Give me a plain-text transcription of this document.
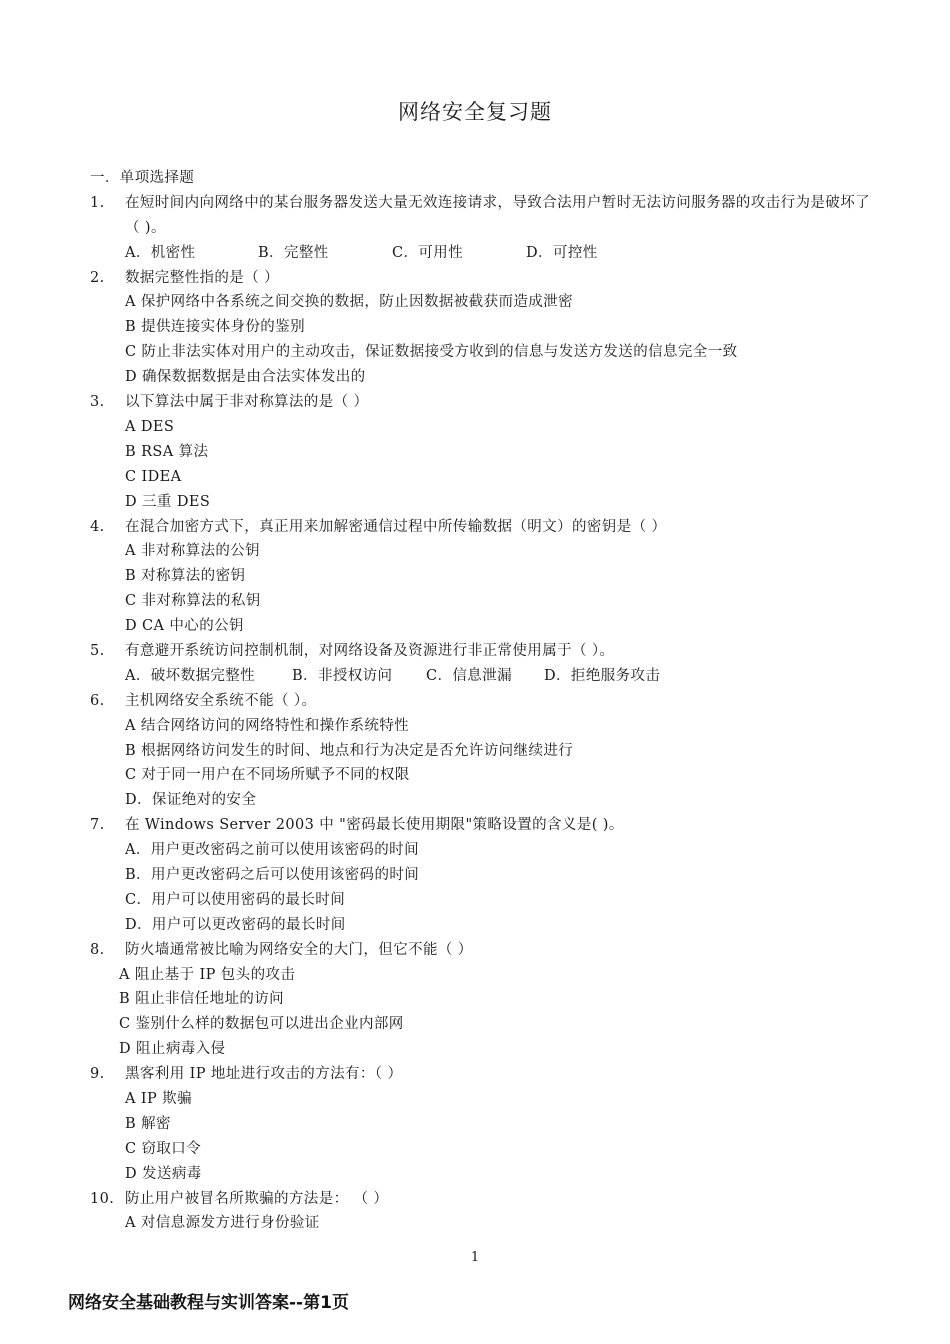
网络安全复习题
一．单项选择题
1.	在短时间内向网络中的某台服务器发送大量无效连接请求，导致合法用户暂时无法访问服务器的攻击行为是破坏了（ )。
A．机密性	B．完整性	C．可用性	D．可控性
2.	数据完整性指的是（ ）
A 保护网络中各系统之间交换的数据，防止因数据被截获而造成泄密
B 提供连接实体身份的鉴别
C 防止非法实体对用户的主动攻击，保证数据接受方收到的信息与发送方发送的信息完全一致
D 确保数据数据是由合法实体发出的
3.	以下算法中属于非对称算法的是（ ）
A DES
B RSA 算法
C IDEA
D 三重 DES
4.	在混合加密方式下，真正用来加解密通信过程中所传输数据（明文）的密钥是（ ）
A 非对称算法的公钥
B 对称算法的密钥
C 非对称算法的私钥
D CA 中心的公钥
5.	有意避开系统访问控制机制，对网络设备及资源进行非正常使用属于（ ）。
A．破坏数据完整性	B．非授权访问	C．信息泄漏	D．拒绝服务攻击
6.	主机网络安全系统不能（ ）。
A 结合网络访问的网络特性和操作系统特性
B 根据网络访问发生的时间、地点和行为决定是否允许访问继续进行
C 对于同一用户在不同场所赋予不同的权限
D．保证绝对的安全
7.	在 Windows Server 2003 中 "密码最长使用期限"策略设置的含义是( )。
A．用户更改密码之前可以使用该密码的时间
B．用户更改密码之后可以使用该密码的时间
C．用户可以使用密码的最长时间
D．用户可以更改密码的最长时间
8.	防火墙通常被比喻为网络安全的大门，但它不能（ ）
A 阻止基于 IP 包头的攻击
B 阻止非信任地址的访问
C 鉴别什么样的数据包可以进出企业内部网
D 阻止病毒入侵
9.	黑客利用 IP 地址进行攻击的方法有：（ ）
A IP 欺骗
B 解密
C 窃取口令
D 发送病毒
10. 防止用户被冒名所欺骗的方法是： （ ）
A 对信息源发方进行身份验证
1
网络安全基础教程与实训答案--第1页
